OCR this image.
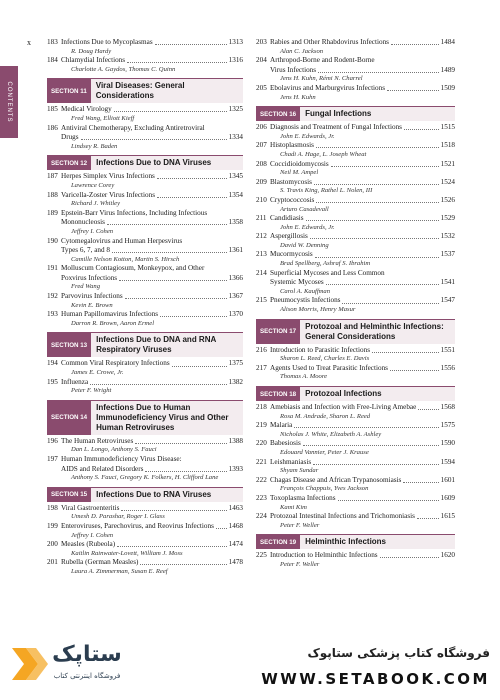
x
CONTENTS
183 Infections Due to Mycoplasmas	1313
R. Doug Hardy
184 Chlamydial Infections	1316
Charlotte A. Gaydos, Thomas C. Quinn
SECTION 11
Viral Diseases: General Considerations
185 Medical Virology	1325
Fred Wang, Elliott Kieff
186 Antiviral Chemotherapy, Excluding Antiretroviral
Drugs	1334
Lindsey R. Baden
SECTION 12	Infections Due to DNA Viruses
187 Herpes Simplex Virus Infections	1345
Lawrence Corey
188 Varicella-Zoster Virus Infections	1354
Richard J. Whitley
189 Epstein-Barr Virus Infections, Including Infectious
Mononucleosis	1358
Jeffrey I. Cohen
190 Cytomegalovirus and Human Herpesvirus
Types 6, 7, and 8	1361
Camille Nelson Kotton, Martin S. Hirsch
191 Molluscum Contagiosum, Monkeypox, and Other
Poxvirus Infections	1366
Fred Wang
192 Parvovirus Infections	1367
Kevin E. Brown
193 Human Papillomavirus Infections	1370
Darron R. Brown, Aaron Ermel
SECTION 13
Infections Due to DNA and RNA Respiratory Viruses
194 Common Viral Respiratory Infections	1375
James E. Crowe, Jr.
195 Influenza	1382
Peter F. Wright
SECTION 14
Infections Due to Human Immunodeficiency Virus and Other Human Retroviruses
196 The Human Retroviruses	1388
Dan L. Longo, Anthony S. Fauci
197 Human Immunodeficiency Virus Disease:
AIDS and Related Disorders	1393
Anthony S. Fauci, Gregory K. Folkers, H. Clifford Lane
SECTION 15	Infections Due to RNA Viruses
198 Viral Gastroenteritis	1463
Umesh D. Parashar, Roger I. Glass
199 Enteroviruses, Parechovirus, and Reovirus Infections 1468
Jeffrey I. Cohen
200 Measles (Rubeola)	1474
Kaitlin Rainwater-Lovett, William J. Moss
201 Rubella (German Measles)	1478
Laura A. Zimmerman, Susan E. Reef
203 Rabies and Other Rhabdovirus Infections	1484
Alan C. Jackson
204 Arthropod-Borne and Rodent-Borne
Virus Infections	1489
Jens H. Kuhn, Rémi N. Charrel
205 Ebolavirus and Marburgvirus Infections	1509
Jens H. Kuhn
SECTION 16	Fungal Infections
206 Diagnosis and Treatment of Fungal Infections	1515
John E. Edwards, Jr.
207 Histoplasmosis	1518
Chadi A. Hage, L. Joseph Wheat
208 Coccidioidomycosis	1521
Neil M. Ampel
209 Blastomycosis	1524
S. Travis King, Rathel L. Nolen, III
210 Cryptococcosis	1526
Arturo Casadevall
211 Candidiasis	1529
John E. Edwards, Jr.
212 Aspergillosis	1532
David W. Denning
213 Mucormycosis	1537
Brad Spellberg, Ashraf S. Ibrahim
214 Superficial Mycoses and Less Common
Systemic Mycoses	1541
Carol A. Kauffman
215 Pneumocystis Infections	1547
Alison Morris, Henry Masur
SECTION 17
Protozoal and Helminthic Infections: General Considerations
216 Introduction to Parasitic Infections	1551
Sharon L. Reed, Charles E. Davis
217 Agents Used to Treat Parasitic Infections	1556
Thomas A. Moore
SECTION 18	Protozoal Infections
218 Amebiasis and Infection with Free-Living Amebae	1568
Rosa M. Andrade, Sharon L. Reed
219 Malaria	1575
Nicholas J. White, Elizabeth A. Ashley
220 Babesiosis	1590
Edouard Vannier, Peter J. Krause
221 Leishmaniasis	1594
Shyam Sundar
222 Chagas Disease and African Trypanosomiasis	1601
François Chappuis, Yves Jackson
223 Toxoplasma Infections	1609
Kami Kim
224 Protozoal Intestinal Infections and Trichomoniasis	1615
Peter F. Weller
SECTION 19	Helminthic Infections
225 Introduction to Helminthic Infections	1620
Peter F. Weller
ستاپک
فروشگاه اینترنتی کتاب
فروشگاه کتاب پزشکی ستاپوک
WWW.SETABOOK.COM
